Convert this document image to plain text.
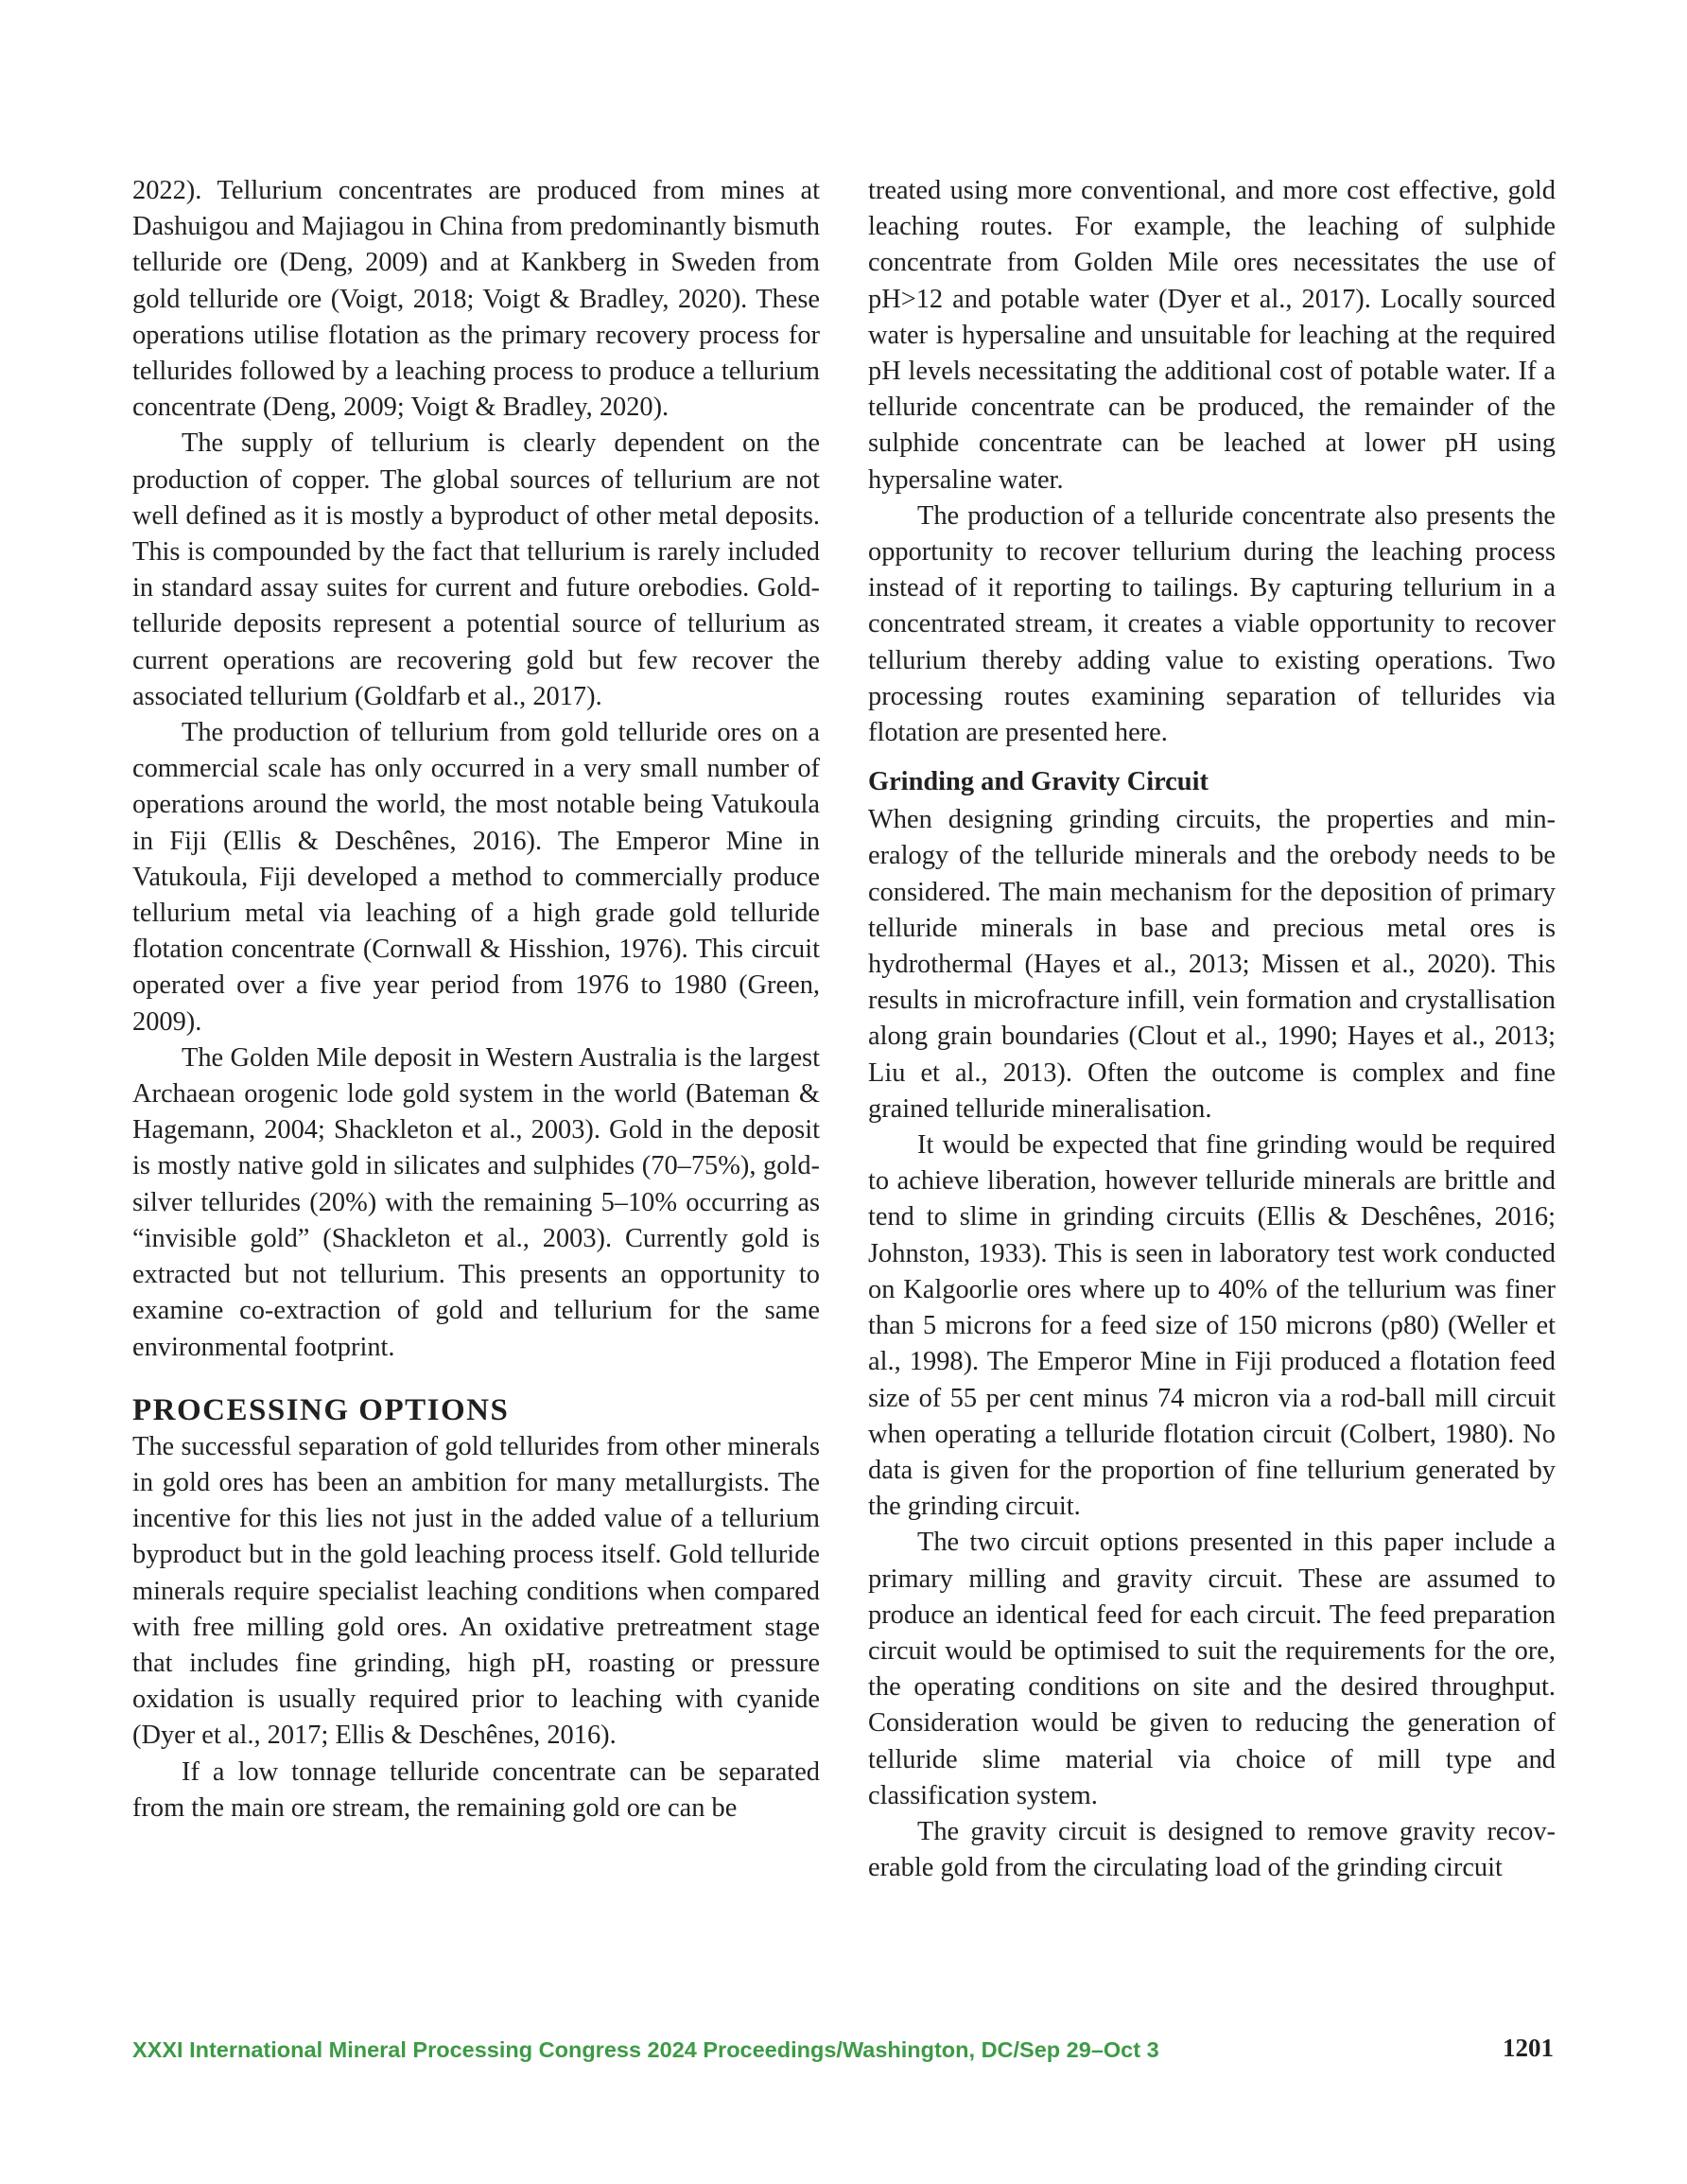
2022). Tellurium concentrates are produced from mines at Dashuigou and Majiagou in China from predominantly bismuth telluride ore (Deng, 2009) and at Kankberg in Sweden from gold telluride ore (Voigt, 2018; Voigt & Bradley, 2020). These operations utilise flotation as the primary recovery process for tellurides followed by a leaching process to produce a tellurium concentrate (Deng, 2009; Voigt & Bradley, 2020).

The supply of tellurium is clearly dependent on the production of copper. The global sources of tellurium are not well defined as it is mostly a byproduct of other metal deposits. This is compounded by the fact that tellurium is rarely included in standard assay suites for current and future orebodies. Gold-telluride deposits represent a potential source of tellurium as current operations are recovering gold but few recover the associated tellurium (Goldfarb et al., 2017).

The production of tellurium from gold telluride ores on a commercial scale has only occurred in a very small number of operations around the world, the most notable being Vatukoula in Fiji (Ellis & Deschênes, 2016). The Emperor Mine in Vatukoula, Fiji developed a method to commercially produce tellurium metal via leaching of a high grade gold telluride flotation concentrate (Cornwall & Hisshion, 1976). This circuit operated over a five year period from 1976 to 1980 (Green, 2009).

The Golden Mile deposit in Western Australia is the largest Archaean orogenic lode gold system in the world (Bateman & Hagemann, 2004; Shackleton et al., 2003). Gold in the deposit is mostly native gold in silicates and sulphides (70–75%), gold-silver tellurides (20%) with the remaining 5–10% occurring as “invisible gold” (Shackleton et al., 2003). Currently gold is extracted but not tellurium. This presents an opportunity to examine co-extraction of gold and tellurium for the same environmental footprint.

PROCESSING OPTIONS

The successful separation of gold tellurides from other minerals in gold ores has been an ambition for many metallurgists. The incentive for this lies not just in the added value of a tellurium byproduct but in the gold leaching process itself. Gold telluride minerals require specialist leaching conditions when compared with free milling gold ores. An oxidative pretreatment stage that includes fine grinding, high pH, roasting or pressure oxidation is usually required prior to leaching with cyanide (Dyer et al., 2017; Ellis & Deschênes, 2016).

If a low tonnage telluride concentrate can be separated from the main ore stream, the remaining gold ore can be

treated using more conventional, and more cost effective, gold leaching routes. For example, the leaching of sulphide concentrate from Golden Mile ores necessitates the use of pH>12 and potable water (Dyer et al., 2017). Locally sourced water is hypersaline and unsuitable for leaching at the required pH levels necessitating the additional cost of potable water. If a telluride concentrate can be produced, the remainder of the sulphide concentrate can be leached at lower pH using hypersaline water.

The production of a telluride concentrate also presents the opportunity to recover tellurium during the leaching process instead of it reporting to tailings. By capturing tellurium in a concentrated stream, it creates a viable opportunity to recover tellurium thereby adding value to existing operations. Two processing routes examining separation of tellurides via flotation are presented here.

Grinding and Gravity Circuit

When designing grinding circuits, the properties and mineralogy of the telluride minerals and the orebody needs to be considered. The main mechanism for the deposition of primary telluride minerals in base and precious metal ores is hydrothermal (Hayes et al., 2013; Missen et al., 2020). This results in microfracture infill, vein formation and crystallisation along grain boundaries (Clout et al., 1990; Hayes et al., 2013; Liu et al., 2013). Often the outcome is complex and fine grained telluride mineralisation.

It would be expected that fine grinding would be required to achieve liberation, however telluride minerals are brittle and tend to slime in grinding circuits (Ellis & Deschênes, 2016; Johnston, 1933). This is seen in laboratory test work conducted on Kalgoorlie ores where up to 40% of the tellurium was finer than 5 microns for a feed size of 150 microns (p80) (Weller et al., 1998). The Emperor Mine in Fiji produced a flotation feed size of 55 per cent minus 74 micron via a rod-ball mill circuit when operating a telluride flotation circuit (Colbert, 1980). No data is given for the proportion of fine tellurium generated by the grinding circuit.

The two circuit options presented in this paper include a primary milling and gravity circuit. These are assumed to produce an identical feed for each circuit. The feed preparation circuit would be optimised to suit the requirements for the ore, the operating conditions on site and the desired throughput. Consideration would be given to reducing the generation of telluride slime material via choice of mill type and classification system.

The gravity circuit is designed to remove gravity recoverable gold from the circulating load of the grinding circuit

XXXI International Mineral Processing Congress 2024 Proceedings/Washington, DC/Sep 29–Oct 3	1201
